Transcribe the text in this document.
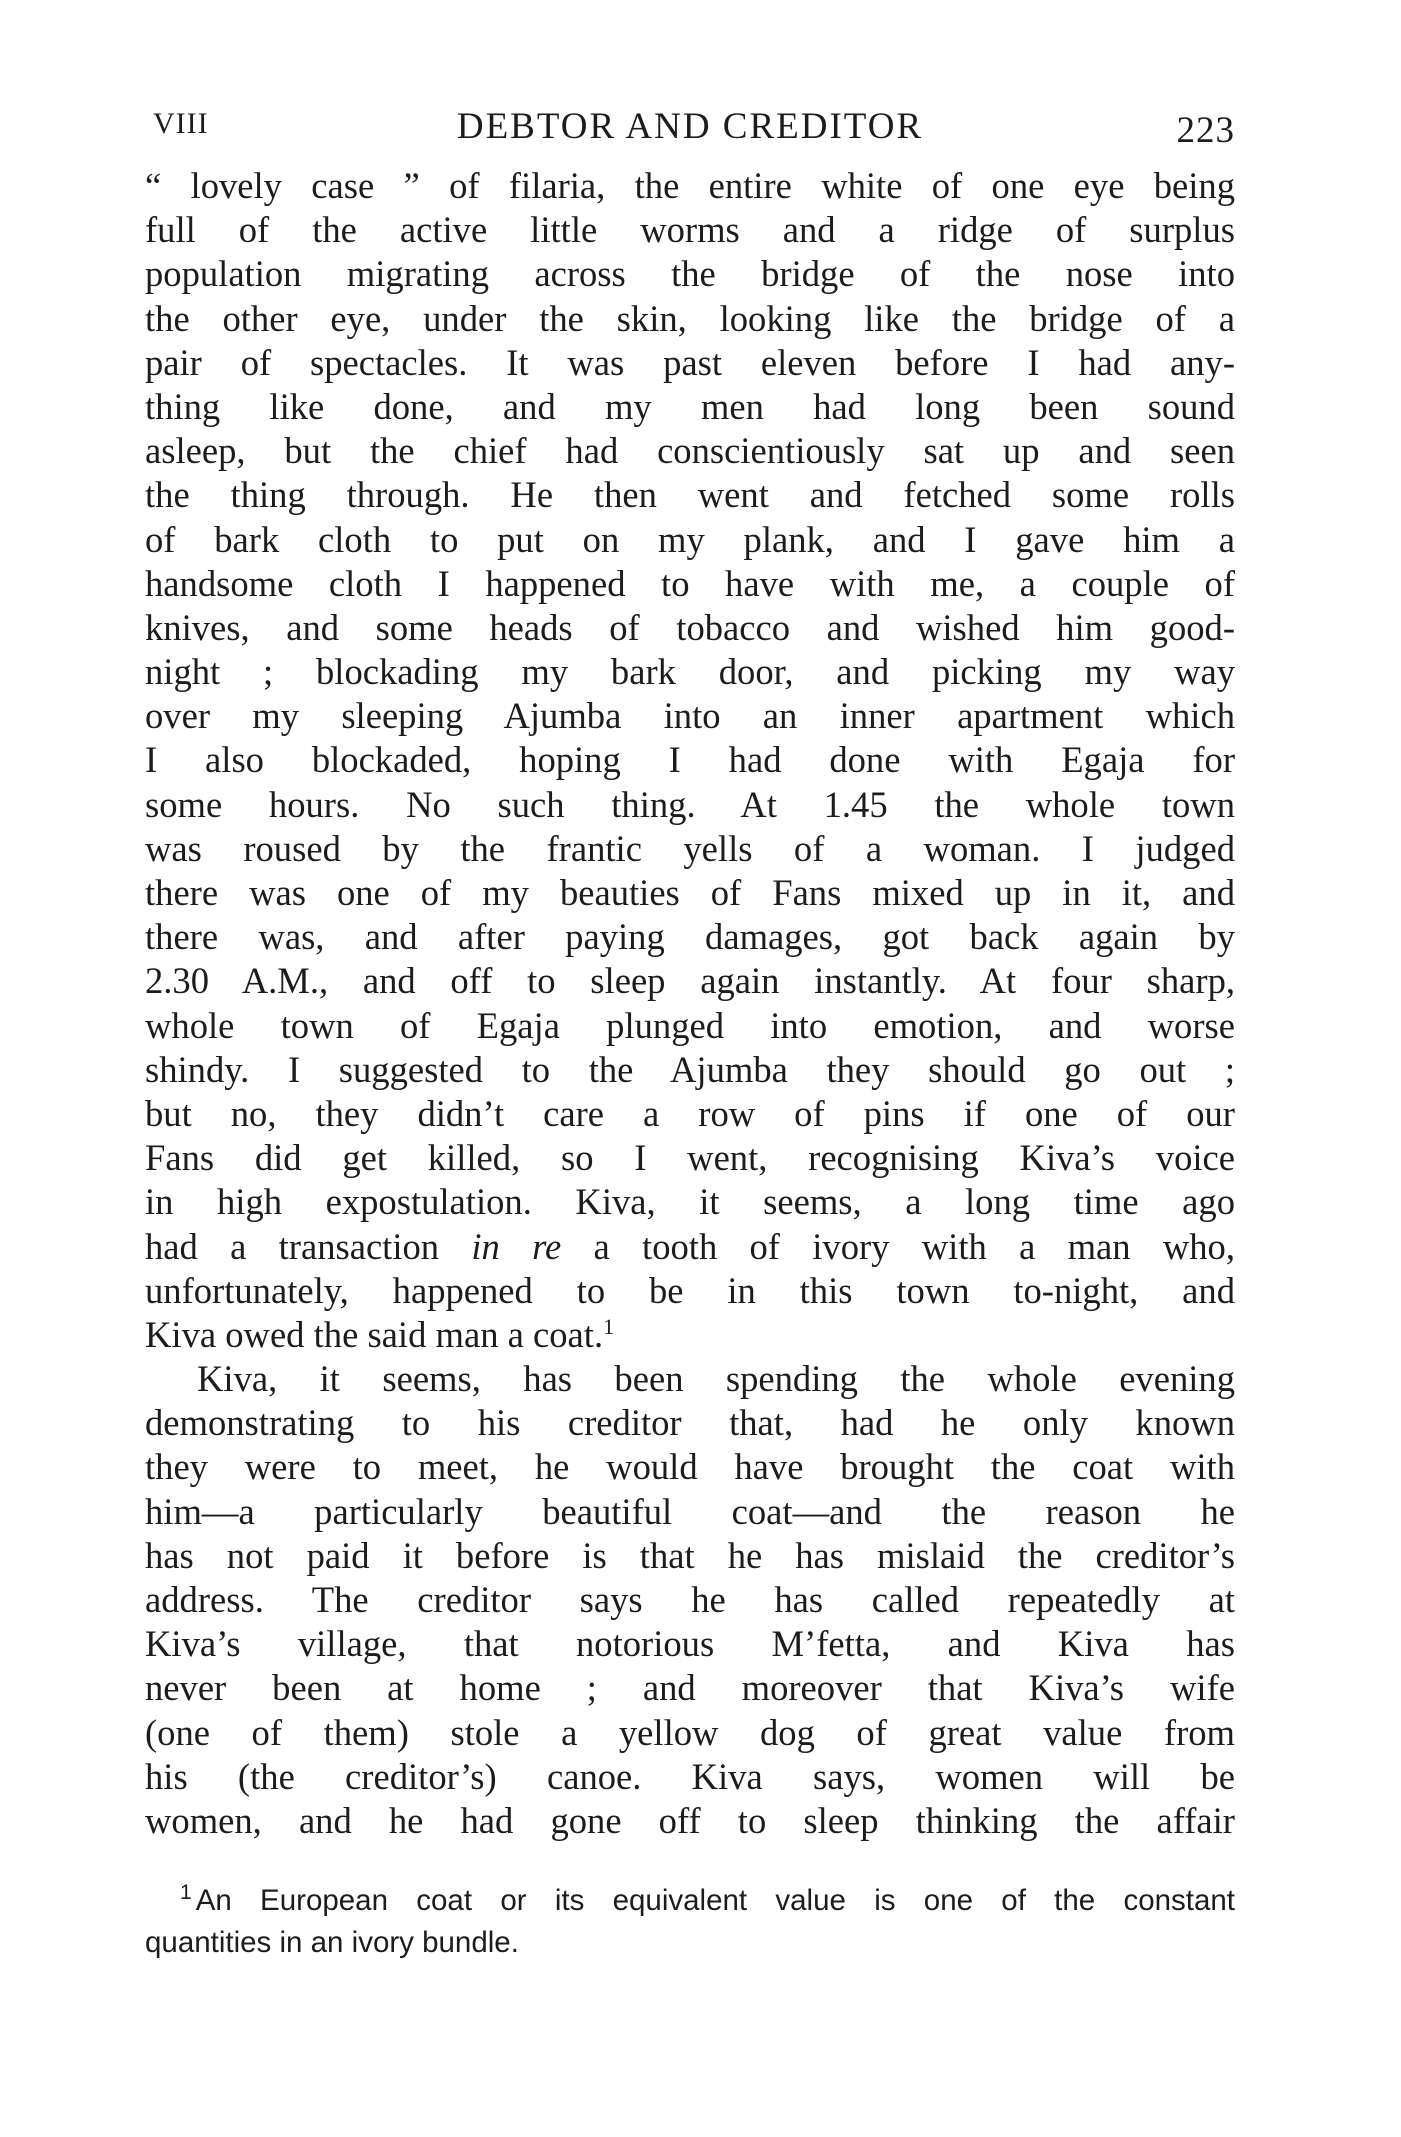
VIII	DEBTOR AND CREDITOR	223
“ lovely case ” of filaria, the entire white of one eye being
full of the active little worms and a ridge of surplus
population migrating across the bridge of the nose into
the other eye, under the skin, looking like the bridge of a
pair of spectacles. It was past eleven before I had any-
thing like done, and my men had long been sound
asleep, but the chief had conscientiously sat up and seen
the thing through. He then went and fetched some rolls
of bark cloth to put on my plank, and I gave him a
handsome cloth I happened to have with me, a couple of
knives, and some heads of tobacco and wished him good-
night ; blockading my bark door, and picking my way
over my sleeping Ajumba into an inner apartment which
I also blockaded, hoping I had done with Egaja for
some hours. No such thing. At 1.45 the whole town
was roused by the frantic yells of a woman. I judged
there was one of my beauties of Fans mixed up in it, and
there was, and after paying damages, got back again by
2.30 A.M., and off to sleep again instantly. At four sharp,
whole town of Egaja plunged into emotion, and worse
shindy. I suggested to the Ajumba they should go out ;
but no, they didn’t care a row of pins if one of our
Fans did get killed, so I went, recognising Kiva’s voice
in high expostulation. Kiva, it seems, a long time ago
had a transaction in re a tooth of ivory with a man who,
unfortunately, happened to be in this town to-night, and
Kiva owed the said man a coat.$^1$
Kiva, it seems, has been spending the whole evening
demonstrating to his creditor that, had he only known
they were to meet, he would have brought the coat with
him—a particularly beautiful coat—and the reason he
has not paid it before is that he has mislaid the creditor’s
address. The creditor says he has called repeatedly at
Kiva’s village, that notorious M’fetta, and Kiva has
never been at home ; and moreover that Kiva’s wife
(one of them) stole a yellow dog of great value from
his (the creditor’s) canoe. Kiva says, women will be
women, and he had gone off to sleep thinking the affair
$^1$ An European coat or its equivalent value is one of the constant
quantities in an ivory bundle.
